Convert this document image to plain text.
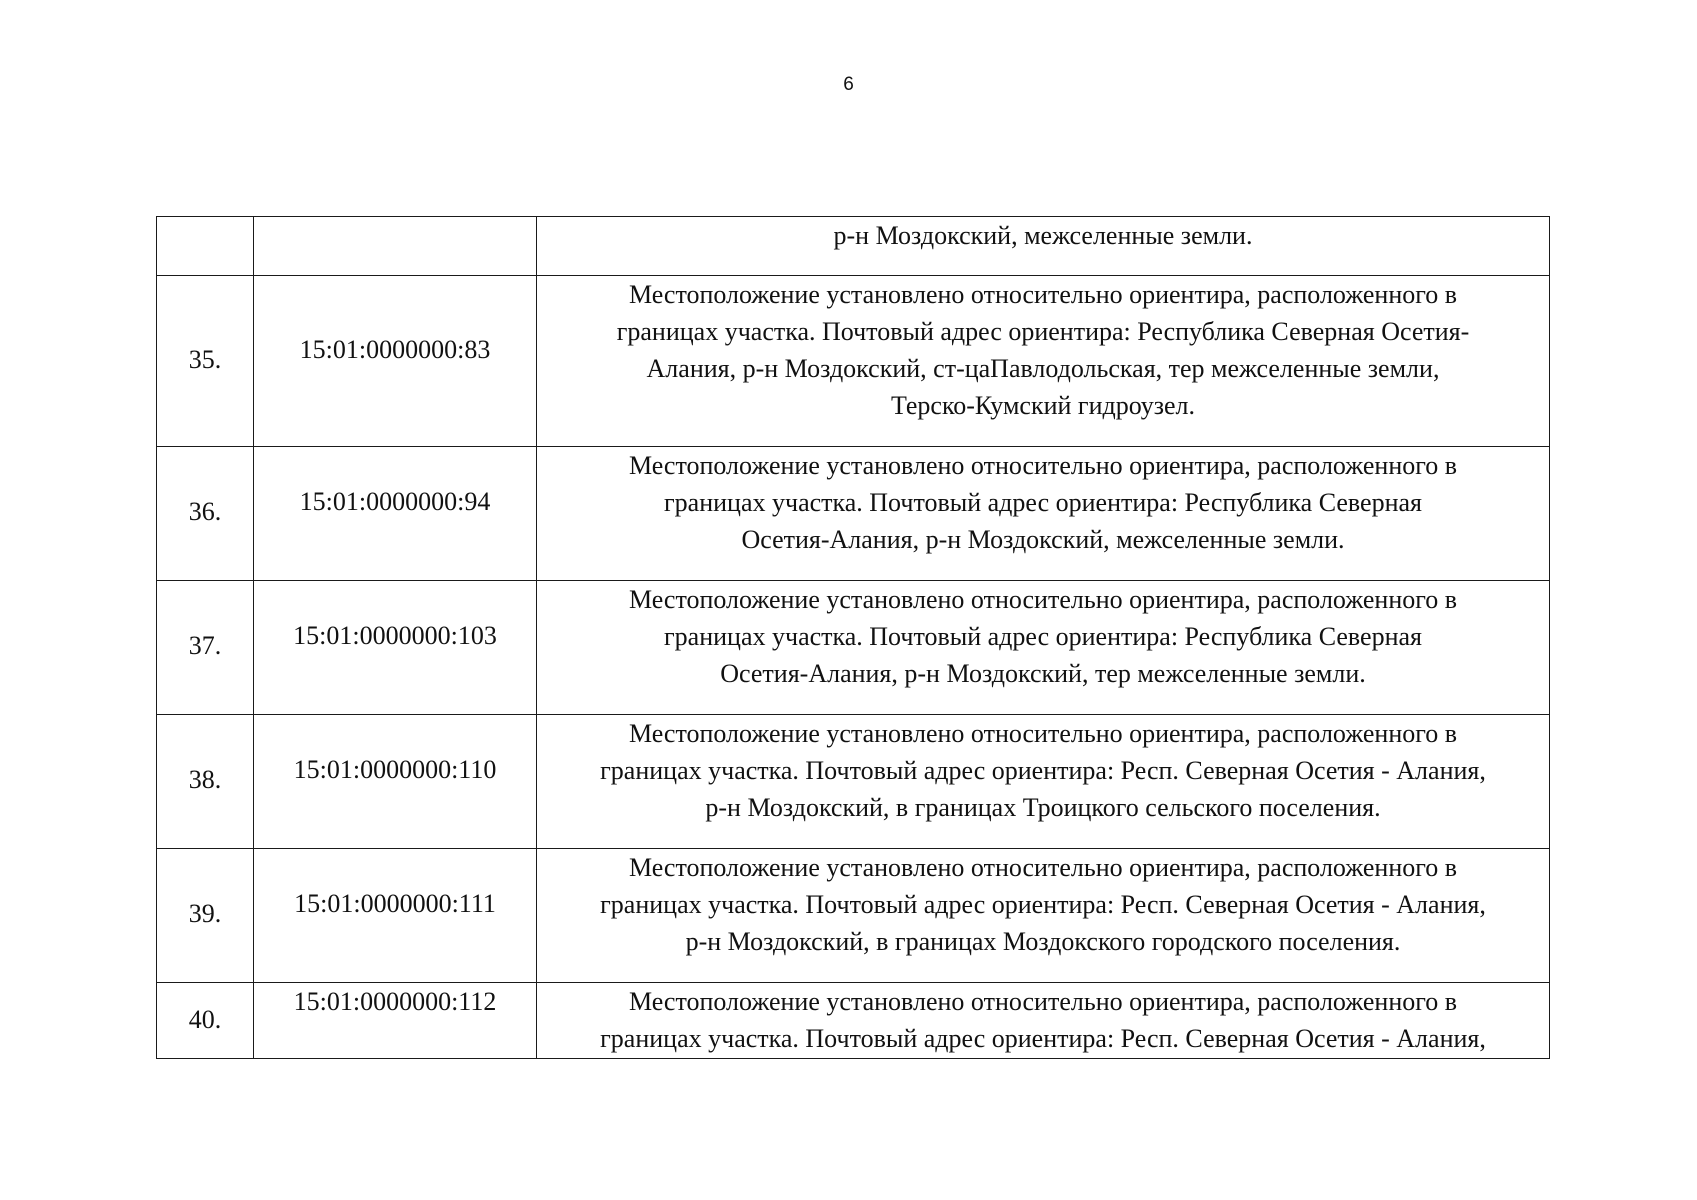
6

		р-н Моздокский, межселенные земли.

35.	15:01:0000000:83	Местоположение установлено относительно ориентира, расположенного в
границах участка. Почтовый адрес ориентира: Республика Северная Осетия-
Алания, р-н Моздокский, ст-цаПавлодольская, тер межселенные земли,
Терско-Кумский гидроузел.

36.	15:01:0000000:94	Местоположение установлено относительно ориентира, расположенного в
границах участка. Почтовый адрес ориентира: Республика Северная
Осетия-Алания, р-н Моздокский, межселенные земли.

37.	15:01:0000000:103	Местоположение установлено относительно ориентира, расположенного в
границах участка. Почтовый адрес ориентира: Республика Северная
Осетия-Алания, р-н Моздокский, тер межселенные земли.

38.	15:01:0000000:110	Местоположение установлено относительно ориентира, расположенного в
границах участка. Почтовый адрес ориентира: Респ. Северная Осетия - Алания,
р-н Моздокский, в границах Троицкого сельского поселения.

39.	15:01:0000000:111	Местоположение установлено относительно ориентира, расположенного в
границах участка. Почтовый адрес ориентира: Респ. Северная Осетия - Алания,
р-н Моздокский, в границах Моздокского городского поселения.

40.	15:01:0000000:112	Местоположение установлено относительно ориентира, расположенного в
границах участка. Почтовый адрес ориентира: Респ. Северная Осетия - Алания,
